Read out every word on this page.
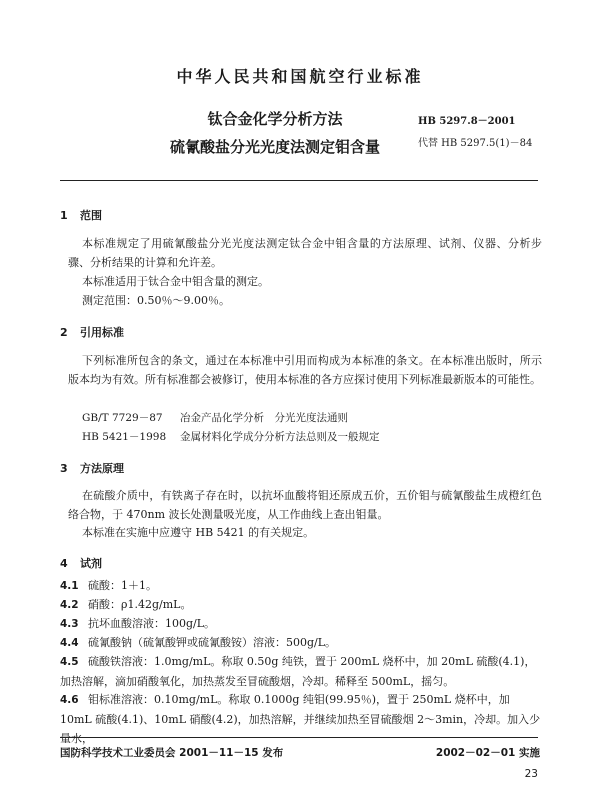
中华人民共和国航空行业标准
钛合金化学分析方法
硫氰酸盐分光光度法测定钼含量
HB 5297.8－2001
代替 HB 5297.5(1)－84
1 范围
本标准规定了用硫氰酸盐分光光度法测定钛合金中钼含量的方法原理、试剂、仪器、分析步骤、分析结果的计算和允许差。
本标准适用于钛合金中钼含量的测定。
测定范围：0.50％～9.00％。
2 引用标准
下列标准所包含的条文，通过在本标准中引用而构成为本标准的条文。在本标准出版时，所示版本均为有效。所有标准都会被修订，使用本标准的各方应探讨使用下列标准最新版本的可能性。
GB/T 7729－87 冶金产品化学分析　分光光度法通则
HB 5421－1998 金属材料化学成分分析方法总则及一般规定
3 方法原理
在硫酸介质中，有铁离子存在时，以抗坏血酸将钼还原成五价，五价钼与硫氰酸盐生成橙红色络合物，于 470nm 波长处测量吸光度，从工作曲线上查出钼量。
本标准在实施中应遵守 HB 5421 的有关规定。
4 试剂
4.1 硫酸：1＋1。
4.2 硝酸：ρ1.42g/mL。
4.3 抗坏血酸溶液：100g/L。
4.4 硫氰酸钠（硫氰酸钾或硫氰酸铵）溶液：500g/L。
4.5 硫酸铁溶液：1.0mg/mL。称取 0.50g 纯铁，置于 200mL 烧杯中，加 20mL 硫酸(4.1)，加热溶解，滴加硝酸氧化，加热蒸发至冒硫酸烟，冷却。稀释至 500mL，摇匀。
4.6 钼标准溶液：0.10mg/mL。称取 0.1000g 纯钼(99.95％)，置于 250mL 烧杯中，加 10mL 硫酸(4.1)、10mL 硝酸(4.2)，加热溶解，并继续加热至冒硫酸烟 2～3min，冷却。加入少量水，
国防科学技术工业委员会 2001－11－15 发布	2002－02－01 实施
23
